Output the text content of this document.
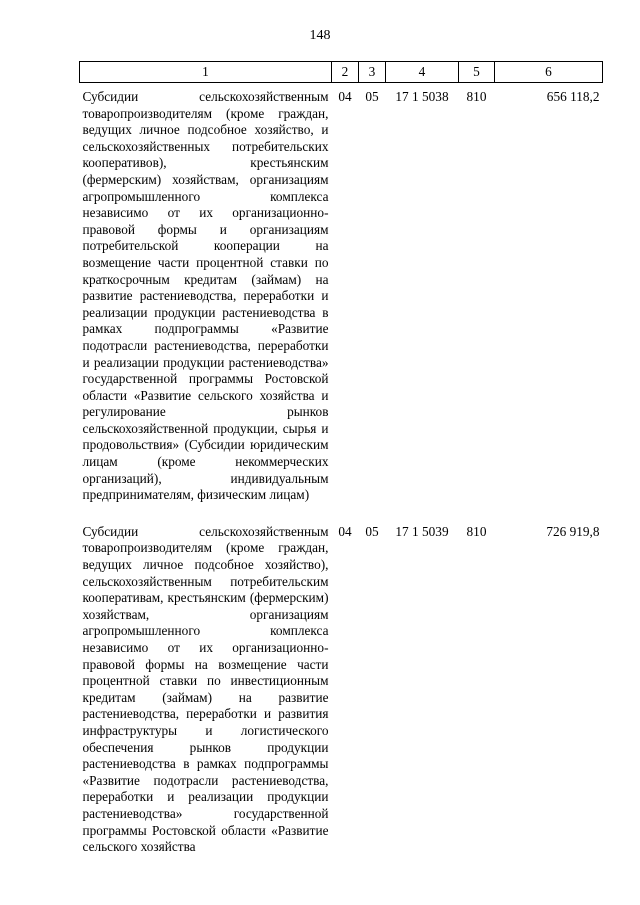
148
1	2	3	4	5	6
Субсидии сельскохозяйственным товаропроизводителям (кроме граждан, ведущих личное подсобное хозяйство, и сельскохозяйственных потребительских кооперативов), крестьянским (фермерским) хозяйствам, организациям агропромышленного комплекса независимо от их организационно-правовой формы и организациям потребительской кооперации на возмещение части процентной ставки по краткосрочным кредитам (займам) на развитие растениеводства, переработки и реализации продукции растениеводства в рамках подпрограммы «Развитие подотрасли растениеводства, переработки и реализации продукции растениеводства» государственной программы Ростовской области «Развитие сельского хозяйства и регулирование рынков сельскохозяйственной продукции, сырья и продовольствия» (Субсидии юридическим лицам (кроме некоммерческих организаций), индивидуальным предпринимателям, физическим лицам)	04	05	17 1 5038	810	656 118,2
Субсидии сельскохозяйственным товаропроизводителям (кроме граждан, ведущих личное подсобное хозяйство), сельскохозяйственным потребительским кооперативам, крестьянским (фермерским) хозяйствам, организациям агропромышленного комплекса независимо от их организационно-правовой формы на возмещение части процентной ставки по инвестиционным кредитам (займам) на развитие растениеводства, переработки и развития инфраструктуры и логистического обеспечения рынков продукции растениеводства в рамках подпрограммы «Развитие подотрасли растениеводства, переработки и реализации продукции растениеводства» государственной программы Ростовской области «Развитие сельского хозяйства	04	05	17 1 5039	810	726 919,8
